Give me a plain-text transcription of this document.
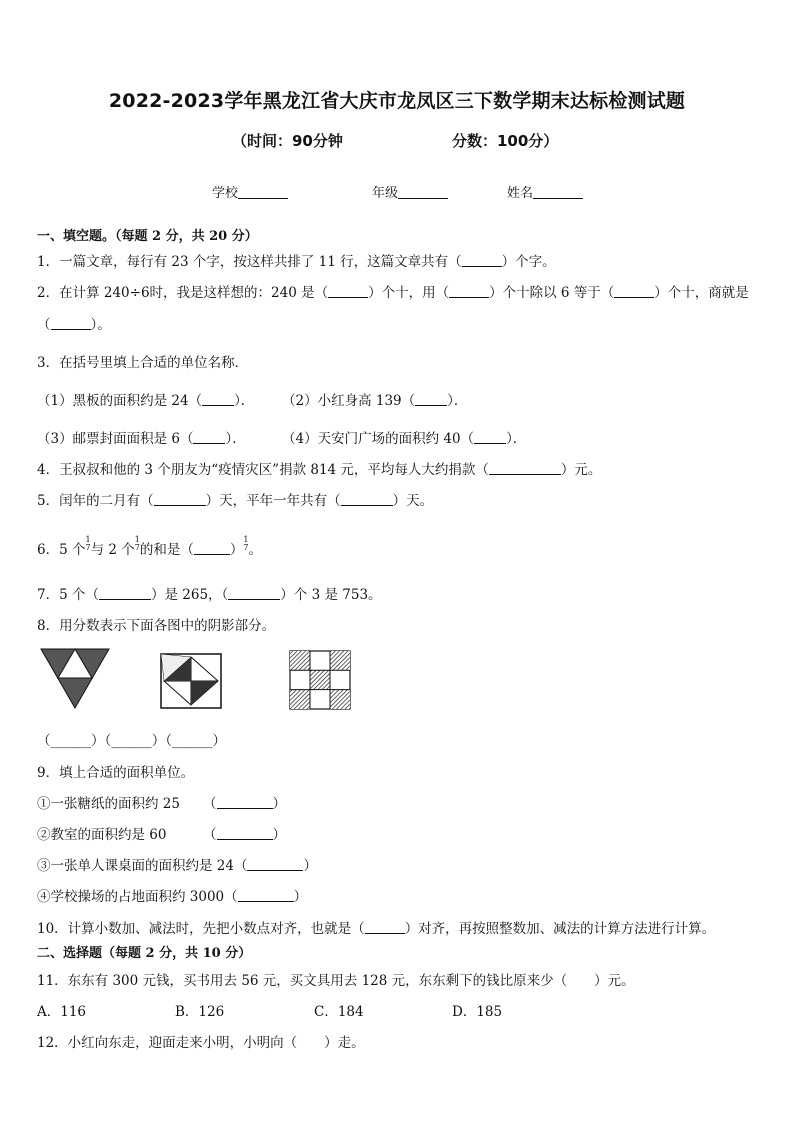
2022-2023学年黑龙江省大庆市龙凤区三下数学期末达标检测试题
（时间：90分钟	分数：100分）
学校	年级	姓名
一、填空题。（每题 2 分，共 20 分）
1．一篇文章，每行有 23 个字，按这样共排了 11 行，这篇文章共有（	）个字。
2．在计算 240÷6时，我是这样想的：240 是（	）个十，用（	）个十除以 6 等于（	）个十，商就是
（	）。
3．在括号里填上合适的单位名称．
（1）黑板的面积约是 24（ ）． （2）小红身高 139（ ）．
（3）邮票封面面积是 6（ ）．	（4）天安门广场的面积约 40（ ）．
4．王叔叔和他的 3 个朋友为“疫情灾区”捐款 814 元，平均每人大约捐款（	）元。
5．闰年的二月有（	）天，平年一年共有（	）天。
6．5 个
1
7 与 2 个
1
7 的和是（	）
1
7 。
7．5 个（	）是 265，（	）个 3 是 753。
8．用分数表示下面各图中的阴影部分。
（______）（______）（______）
9．填上合适的面积单位。
①一张糖纸的面积约 25 （	）
②教室的面积约是 60	（	）
③一张单人课桌面的面积约是 24（	）
④学校操场的占地面积约 3000（	）
10．计算小数加、减法时，先把小数点对齐，也就是（	）对齐，再按照整数加、减法的计算方法进行计算。
二、选择题（每题 2 分，共 10 分）
11．东东有 300 元钱，买书用去 56 元，买文具用去 128 元，东东剩下的钱比原来少（　　）元。
A．116	B．126	C．184	D．185
12．小红向东走，迎面走来小明，小明向（　　）走。
